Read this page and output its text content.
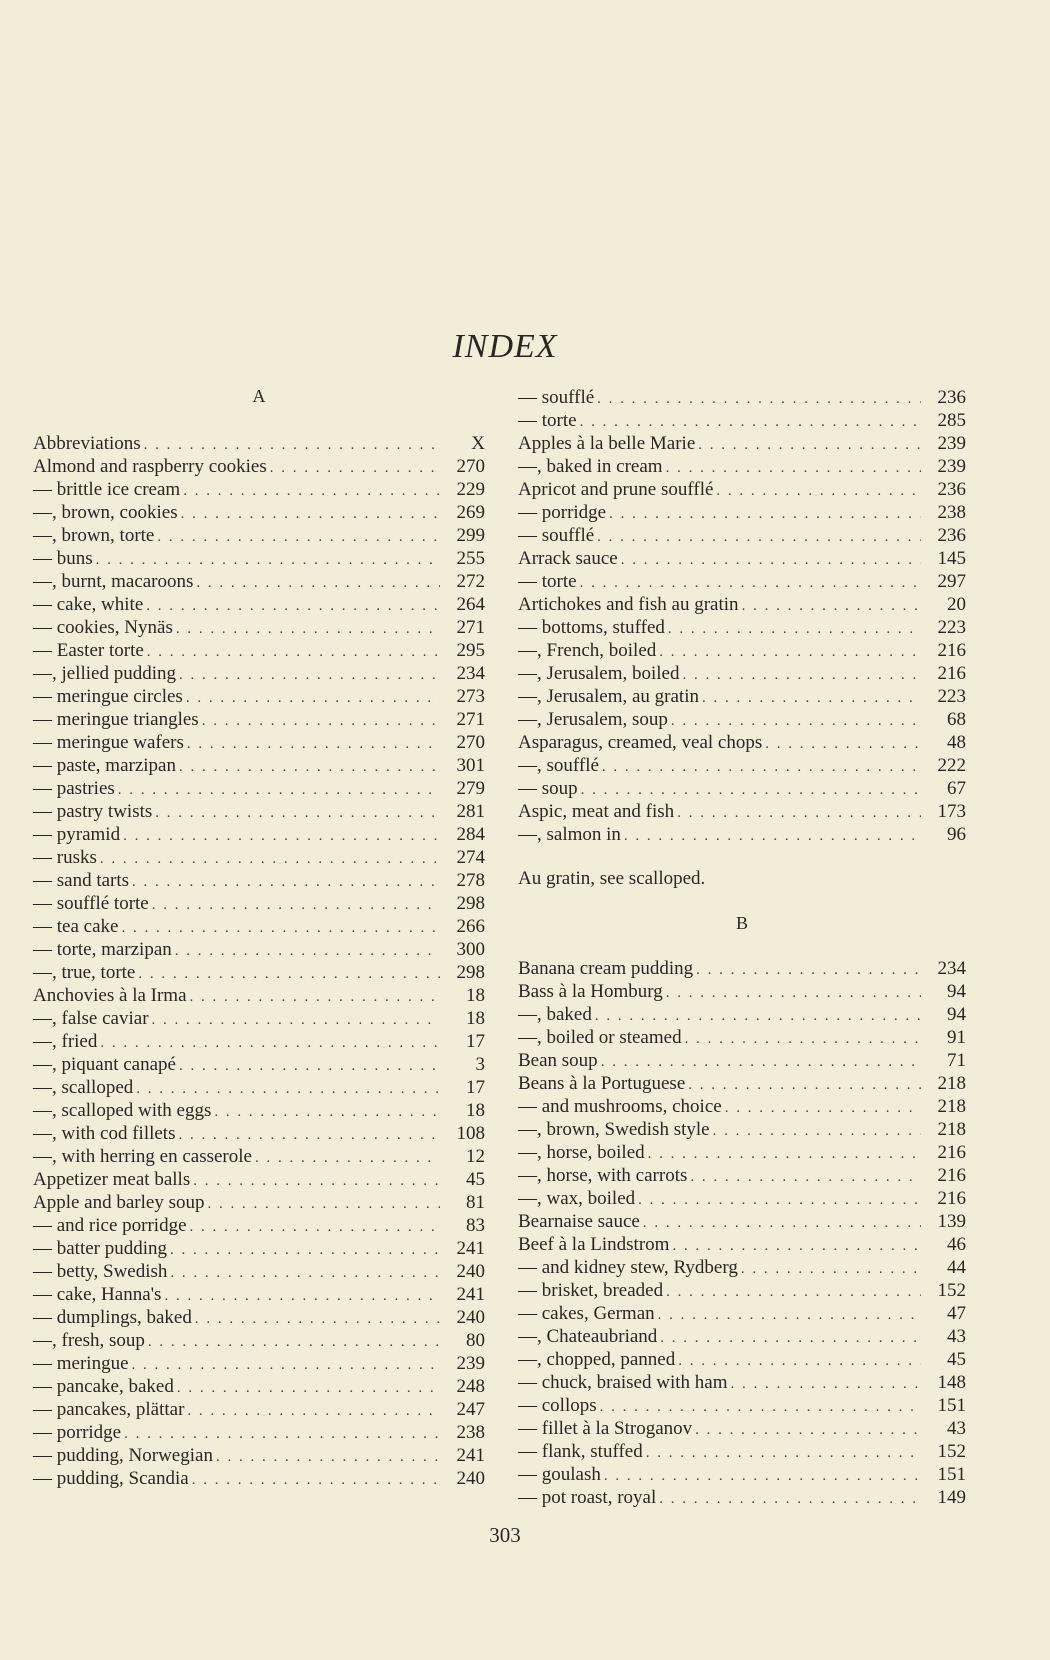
INDEX
A
Abbreviations . . .	X
Almond and raspberry cookies . . .	270
— brittle ice cream . . .	229
—, brown, cookies . . .	269
—, brown, torte . . .	299
— buns . . .	255
—, burnt, macaroons . . .	272
— cake, white . . .	264
— cookies, Nynäs . . .	271
— Easter torte . . .	295
—, jellied pudding . . .	234
— meringue circles . . .	273
— meringue triangles . . .	271
— meringue wafers . . .	270
— paste, marzipan . . .	301
— pastries . . .	279
— pastry twists . . .	281
— pyramid . . .	284
— rusks . . .	274
— sand tarts . . .	278
— soufflé torte . . .	298
— tea cake . . .	266
— torte, marzipan . . .	300
—, true, torte . . .	298
Anchovies à la Irma . . .	18
—, false caviar . . .	18
—, fried . . .	17
—, piquant canapé . . .	3
—, scalloped . . .	17
—, scalloped with eggs . . .	18
—, with cod fillets . . .	108
—, with herring en casserole . . .	12
Appetizer meat balls . . .	45
Apple and barley soup . . .	81
— and rice porridge . . .	83
— batter pudding . . .	241
— betty, Swedish . . .	240
— cake, Hanna's . . .	241
— dumplings, baked . . .	240
—, fresh, soup . . .	80
— meringue . . .	239
— pancake, baked . . .	248
— pancakes, plättar . . .	247
— porridge . . .	238
— pudding, Norwegian . . .	241
— pudding, Scandia . . .	240
— soufflé . . .	236
— torte . . .	285
Apples à la belle Marie . . .	239
—, baked in cream . . .	239
Apricot and prune soufflé . . .	236
— porridge . . .	238
— soufflé . . .	236
Arrack sauce . . .	145
— torte . . .	297
Artichokes and fish au gratin . . .	20
— bottoms, stuffed . . .	223
—, French, boiled . . .	216
—, Jerusalem, boiled . . .	216
—, Jerusalem, au gratin . . .	223
—, Jerusalem, soup . . .	68
Asparagus, creamed, veal chops . . .	48
—, soufflé . . .	222
— soup . . .	67
Aspic, meat and fish . . .	173
—, salmon in . . .	96
Au gratin, see scalloped.
B
Banana cream pudding . . .	234
Bass à la Homburg . . .	94
—, baked . . .	94
—, boiled or steamed . . .	91
Bean soup . . .	71
Beans à la Portuguese . . .	218
— and mushrooms, choice . . .	218
—, brown, Swedish style . . .	218
—, horse, boiled . . .	216
—, horse, with carrots . . .	216
—, wax, boiled . . .	216
Bearnaise sauce . . .	139
Beef à la Lindstrom . . .	46
— and kidney stew, Rydberg . . .	44
— brisket, breaded . . .	152
— cakes, German . . .	47
—, Chateaubriand . . .	43
—, chopped, panned . . .	45
— chuck, braised with ham . . .	148
— collops . . .	151
— fillet à la Stroganov . . .	43
— flank, stuffed . . .	152
— goulash . . .	151
— pot roast, royal . . .	149
303
